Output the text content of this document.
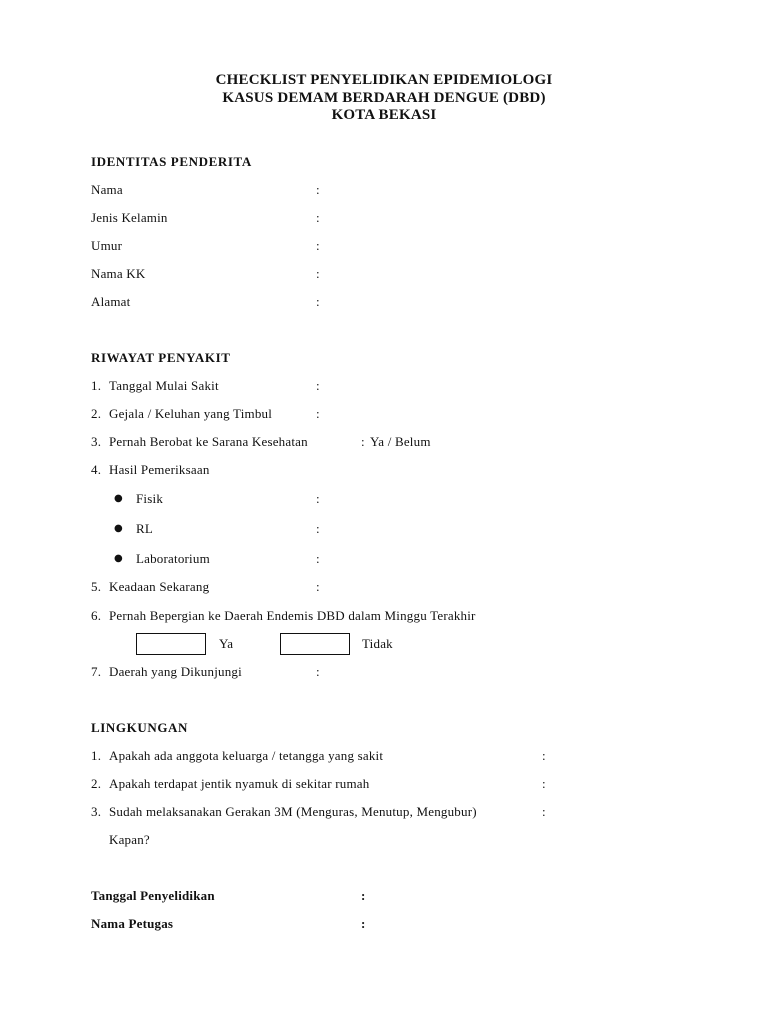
CHECKLIST PENYELIDIKAN EPIDEMIOLOGI
KASUS DEMAM BERDARAH DENGUE (DBD)
KOTA BEKASI
IDENTITAS PENDERITA
Nama	:
Jenis Kelamin	:
Umur	:
Nama KK	:
Alamat	:
RIWAYAT PENYAKIT
1. Tanggal Mulai Sakit	:
2. Gejala / Keluhan yang Timbul	:
3. Pernah Berobat ke Sarana Kesehatan	: Ya / Belum
4. Hasil Pemeriksaan
● Fisik	:
● RL	:
● Laboratorium	:
5. Keadaan Sekarang	:
6. Pernah Bepergian ke Daerah Endemis DBD dalam Minggu Terakhir
Ya	Tidak
7. Daerah yang Dikunjungi	:
LINGKUNGAN
1. Apakah ada anggota keluarga / tetangga yang sakit	:
2. Apakah terdapat jentik nyamuk di sekitar rumah	:
3. Sudah melaksanakan Gerakan 3M (Menguras, Menutup, Mengubur)	:
Kapan?
Tanggal Penyelidikan	:
Nama Petugas	:
